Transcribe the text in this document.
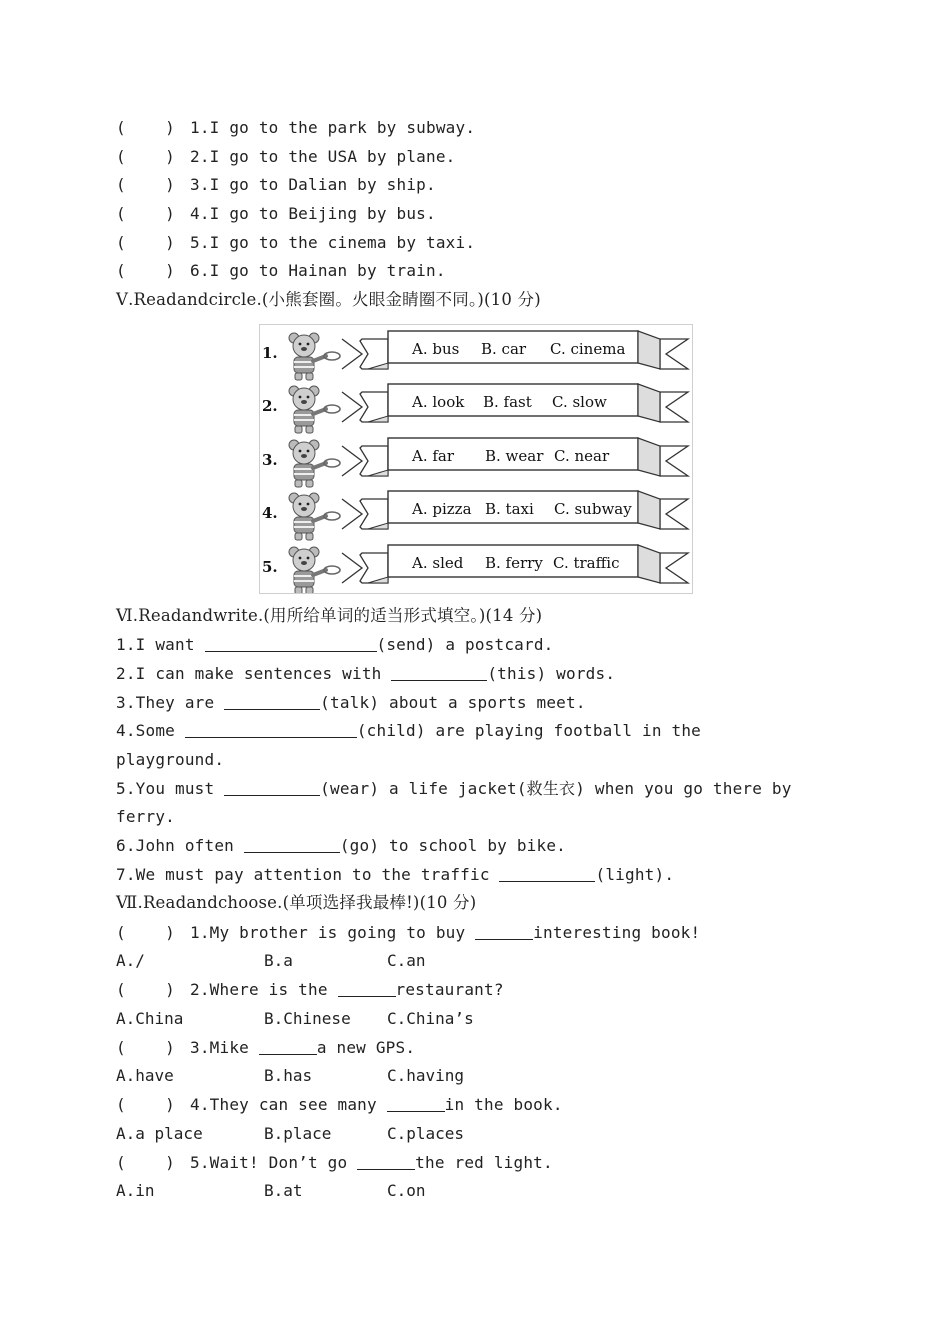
(    ) 1.I go to the park by subway.
(    ) 2.I go to the USA by plane.
(    ) 3.I go to Dalian by ship.
(    ) 4.I go to Beijing by bus.
(    ) 5.I go to the cinema by taxi.
(    ) 6.I go to Hainan by train.
Ⅴ.Readandcircle.(小熊套圈。火眼金睛圈不同。)(10 分)
1.	A. bus B. car C. cinema
2.	A. look B. fast C. slow
3.	A. far B. wear C. near
4.	A. pizza B. taxi C. subway
5.	A. sled B. ferry C. traffic
Ⅵ.Readandwrite.(用所给单词的适当形式填空。)(14 分)
1.I want	(send) a postcard.
2.I can make sentences with	(this) words.
3.They are	(talk) about a sports meet.
4.Some	(child) are playing football in the
playground.
5.You must	(wear) a life jacket(救生衣) when you go there by
ferry.
6.John often	(go) to school by bike.
7.We must pay attention to the traffic	(light).
Ⅶ.Readandchoose.(单项选择我最棒!)(10 分)
(    ) 1.My brother is going to buy	interesting book!
A./	B.a	C.an
(    ) 2.Where is the	restaurant?
A.China	B.Chinese C.China’s
(    ) 3.Mike	a new GPS.
A.have	B.has	C.having
(    ) 4.They can see many	in the book.
A.a place	B.place	C.places
(    ) 5.Wait! Don’t go	the red light.
A.in	B.at	C.on
